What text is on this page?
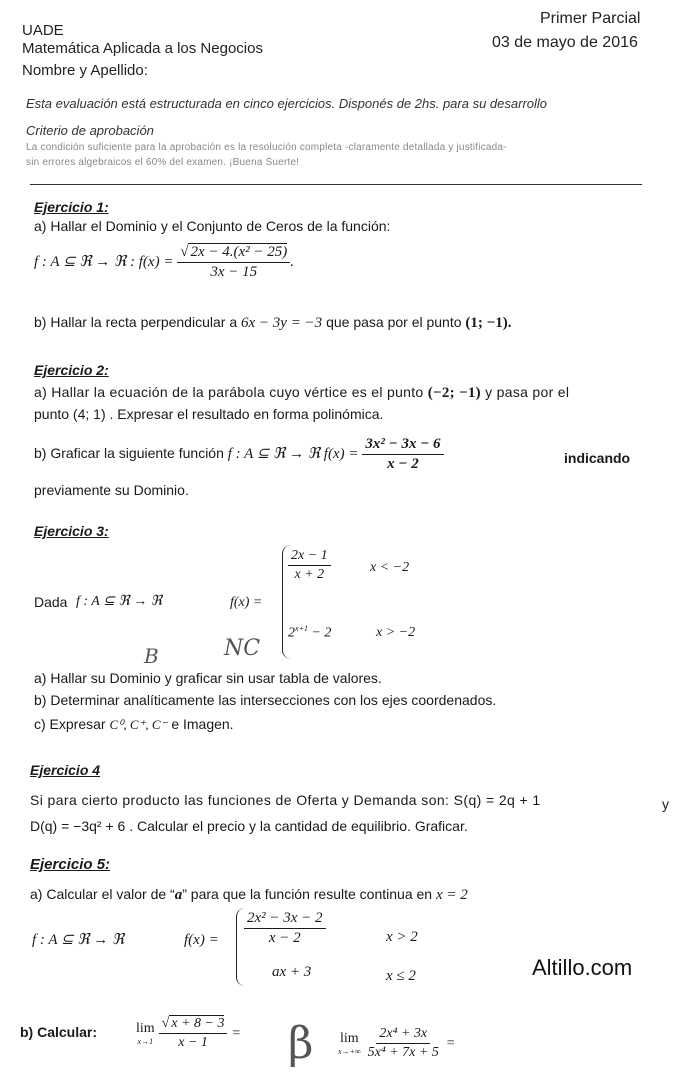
UADE
Matemática Aplicada a los Negocios
Nombre y Apellido:
Primer Parcial
03 de mayo de 2016
Esta evaluación está estructurada en cinco ejercicios. Disponés de 2hs. para su desarrollo
Criterio de aprobación
La condición suficiente para la aprobación es la resolución completa -claramente detallada y justificada-
sin errores algebraicos el 60% del examen. ¡Buena Suerte!
Ejercicio 1:
a) Hallar el Dominio y el Conjunto de Ceros de la función:
f : A ⊆ ℜ → ℜ : $f(x) = \frac{\text{√ 2x − 4.(x² − 25)}}{3x - 15}$ .
b) Hallar la recta perpendicular a 6x − 3y = −3 que pasa por el punto (1; −1).
Ejercicio 2:
a) Hallar la ecuación de la parábola cuyo vértice es el punto (−2; −1) y pasa por el
punto (4; 1) . Expresar el resultado en forma polinómica.
b) Graficar la siguiente función f : A ⊆ ℜ → ℜ $f(x) = \frac{\text{3x² − 3x − 6}}{x - 2}$	indicando
previamente su Dominio.
Ejercicio 3:
Dada f : A ⊆ ℜ → ℜ	f(x) =
$\frac{2x - 1}{x + 2}$	x < −2
$2^{x+1} - 2$	x > −2
a) Hallar su Dominio y graficar sin usar tabla de valores.
b) Determinar analíticamente las intersecciones con los ejes coordenados.
c) Expresar C⁰, C⁺, C⁻ e Imagen.
B	NC
Ejercicio 4
Si para cierto producto las funciones de Oferta y Demanda son: S(q) = 2q + 1	y
D(q) = −3q² + 6 . Calcular el precio y la cantidad de equilibrio. Graficar.
Ejercicio 5:
a) Calcular el valor de “a” para que la función resulte continua en x = 2
f : A ⊆ ℜ → ℜ	$f(x) = \frac{\text{2x² − 3x − 2}}{x - 2}$	x > 2
ax + 3	x ≤ 2	Altillo.com
b) Calcular:	lim
$x\to 1 \frac{√ x + 8 - 3}{x - 1} = \beta$ lim
$x\to+\infty \frac{\text{2x⁴ + 3x}}{\text{5x⁴ + 7x + 5}}$ =
